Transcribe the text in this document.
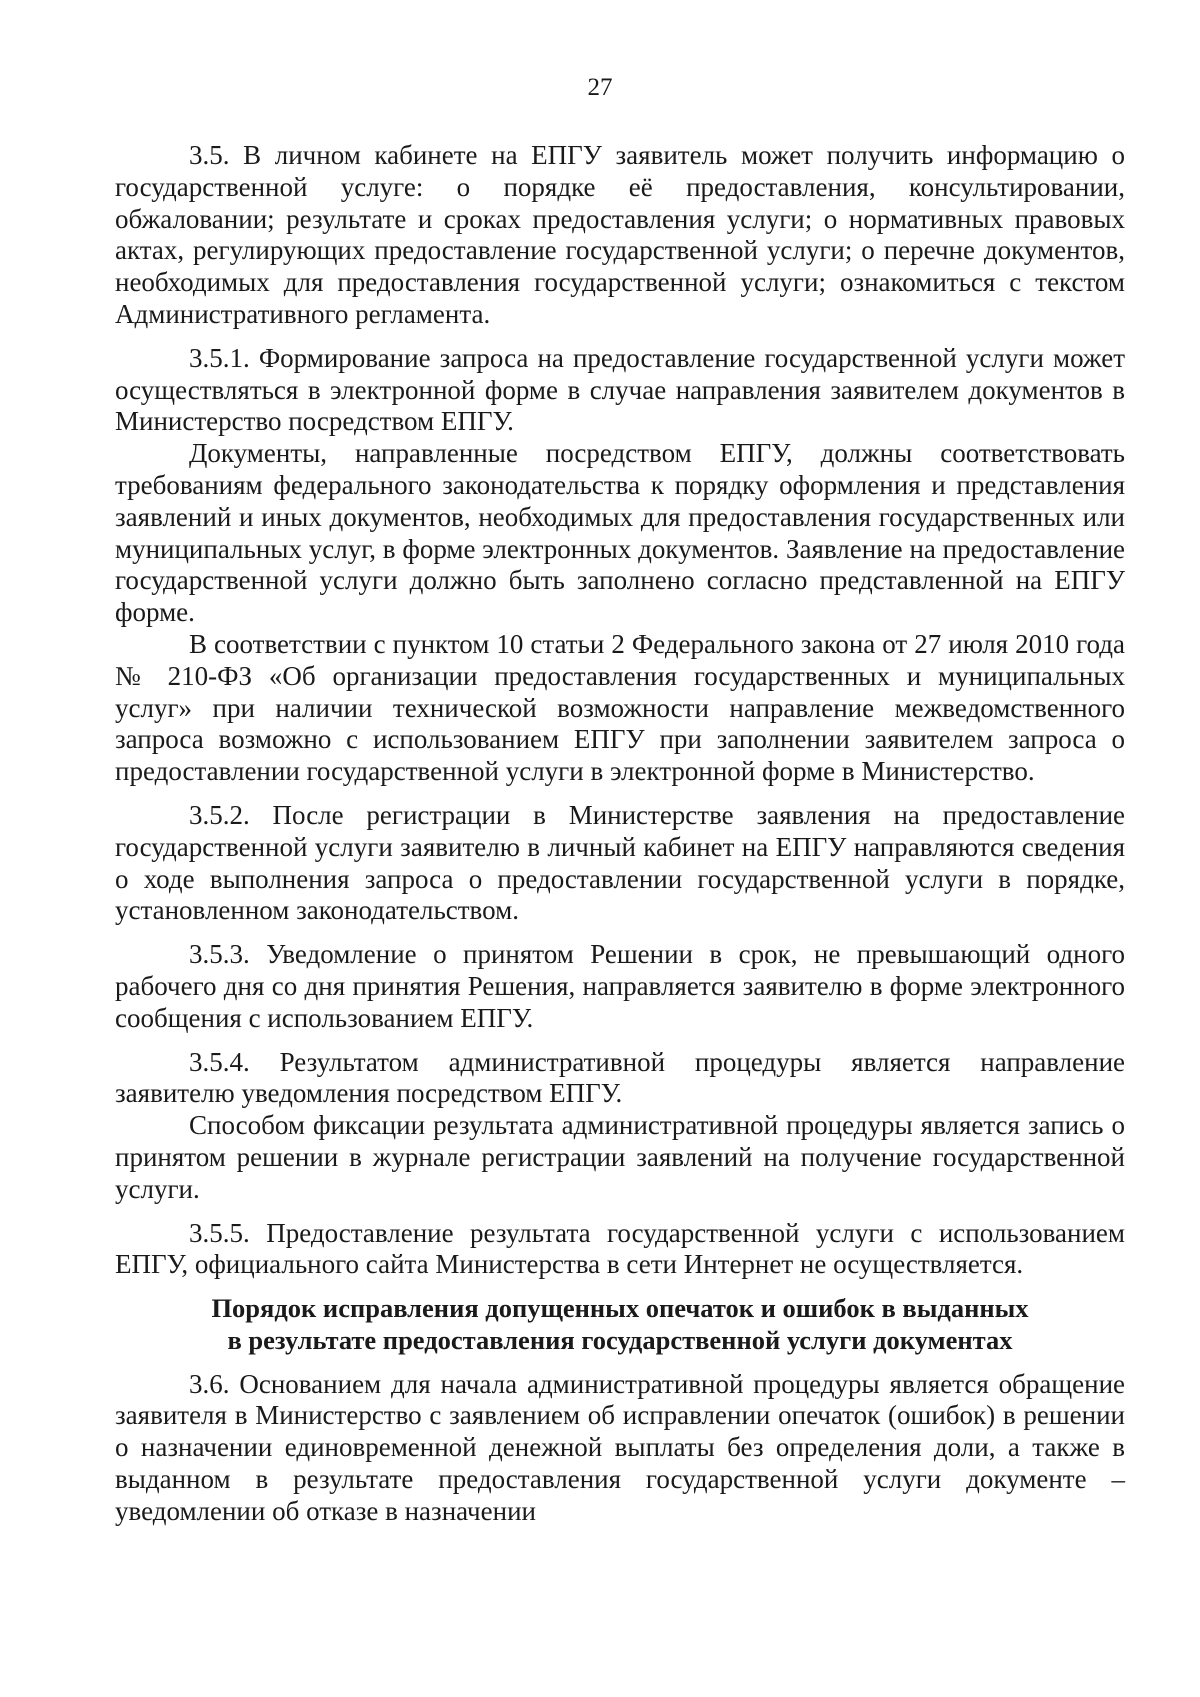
27

3.5. В личном кабинете на ЕПГУ заявитель может получить информацию о государственной услуге: о порядке её предоставления, консультировании, обжаловании; результате и сроках предоставления услуги; о нормативных правовых актах, регулирующих предоставление государственной услуги; о перечне документов, необходимых для предоставления государственной услуги; ознакомиться с текстом Административного регламента.

3.5.1. Формирование запроса на предоставление государственной услуги может осуществляться в электронной форме в случае направления заявителем документов в Министерство посредством ЕПГУ.

Документы, направленные посредством ЕПГУ, должны соответствовать требованиям федерального законодательства к порядку оформления и представления заявлений и иных документов, необходимых для предоставления государственных или муниципальных услуг, в форме электронных документов. Заявление на предоставление государственной услуги должно быть заполнено согласно представленной на ЕПГУ форме.

В соответствии с пунктом 10 статьи 2 Федерального закона от 27 июля 2010 года № 210-ФЗ «Об организации предоставления государственных и муниципальных услуг» при наличии технической возможности направление межведомственного запроса возможно с использованием ЕПГУ при заполнении заявителем запроса о предоставлении государственной услуги в электронной форме в Министерство.

3.5.2. После регистрации в Министерстве заявления на предоставление государственной услуги заявителю в личный кабинет на ЕПГУ направляются сведения о ходе выполнения запроса о предоставлении государственной услуги в порядке, установленном законодательством.

3.5.3. Уведомление о принятом Решении в срок, не превышающий одного рабочего дня со дня принятия Решения, направляется заявителю в форме электронного сообщения с использованием ЕПГУ.

3.5.4. Результатом административной процедуры является направление заявителю уведомления посредством ЕПГУ.

Способом фиксации результата административной процедуры является запись о принятом решении в журнале регистрации заявлений на получение государственной услуги.

3.5.5. Предоставление результата государственной услуги с использованием ЕПГУ, официального сайта Министерства в сети Интернет не осуществляется.

Порядок исправления допущенных опечаток и ошибок в выданных
в результате предоставления государственной услуги документах

3.6. Основанием для начала административной процедуры является обращение заявителя в Министерство с заявлением об исправлении опечаток (ошибок) в решении о назначении единовременной денежной выплаты без определения доли, а также в выданном в результате предоставления государственной услуги документе – уведомлении об отказе в назначении
